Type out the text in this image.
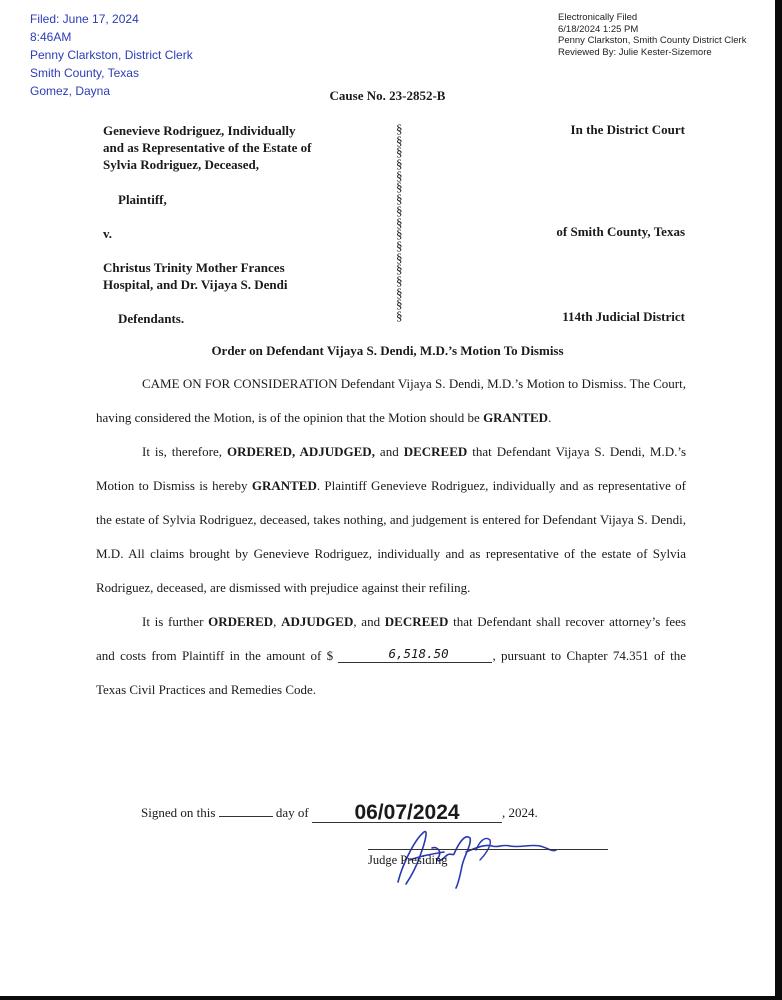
Filed: June 17, 2024
8:46AM
Penny Clarkston, District Clerk
Smith County, Texas
Gomez, Dayna
Electronically Filed
6/18/2024 1:25 PM
Penny Clarkston, Smith County District Clerk
Reviewed By: Julie Kester-Sizemore
Cause No. 23-2852-B
Genevieve Rodriguez, Individually
and as Representative of the Estate of
Sylvia Rodriguez, Deceased,
Plaintiff,
v.
Christus Trinity Mother Frances
Hospital, and Dr. Vijaya S. Dendi
Defendants.
§
§
§
§
§
§
§
§
§
§
§
§
§
§
§
§
§
In the District Court
of Smith County, Texas
114th Judicial District
Order on Defendant Vijaya S. Dendi, M.D.’s Motion To Dismiss

CAME ON FOR CONSIDERATION Defendant Vijaya S. Dendi, M.D.’s Motion to Dismiss. The Court, having considered the Motion, is of the opinion that the Motion should be GRANTED.

It is, therefore, ORDERED, ADJUDGED, and DECREED that Defendant Vijaya S. Dendi, M.D.’s Motion to Dismiss is hereby GRANTED. Plaintiff Genevieve Rodriguez, individually and as representative of the estate of Sylvia Rodriguez, deceased, takes nothing, and judgement is entered for Defendant Vijaya S. Dendi, M.D. All claims brought by Genevieve Rodriguez, individually and as representative of the estate of Sylvia Rodriguez, deceased, are dismissed with prejudice against their refiling.

It is further ORDERED, ADJUDGED, and DECREED that Defendant shall recover attorney’s fees and costs from Plaintiff in the amount of $	6,518.50	, pursuant to Chapter 74.351 of the Texas Civil Practices and Remedies Code.

Signed on this	day of 06/07/2024	, 2024.
Judge Presiding
